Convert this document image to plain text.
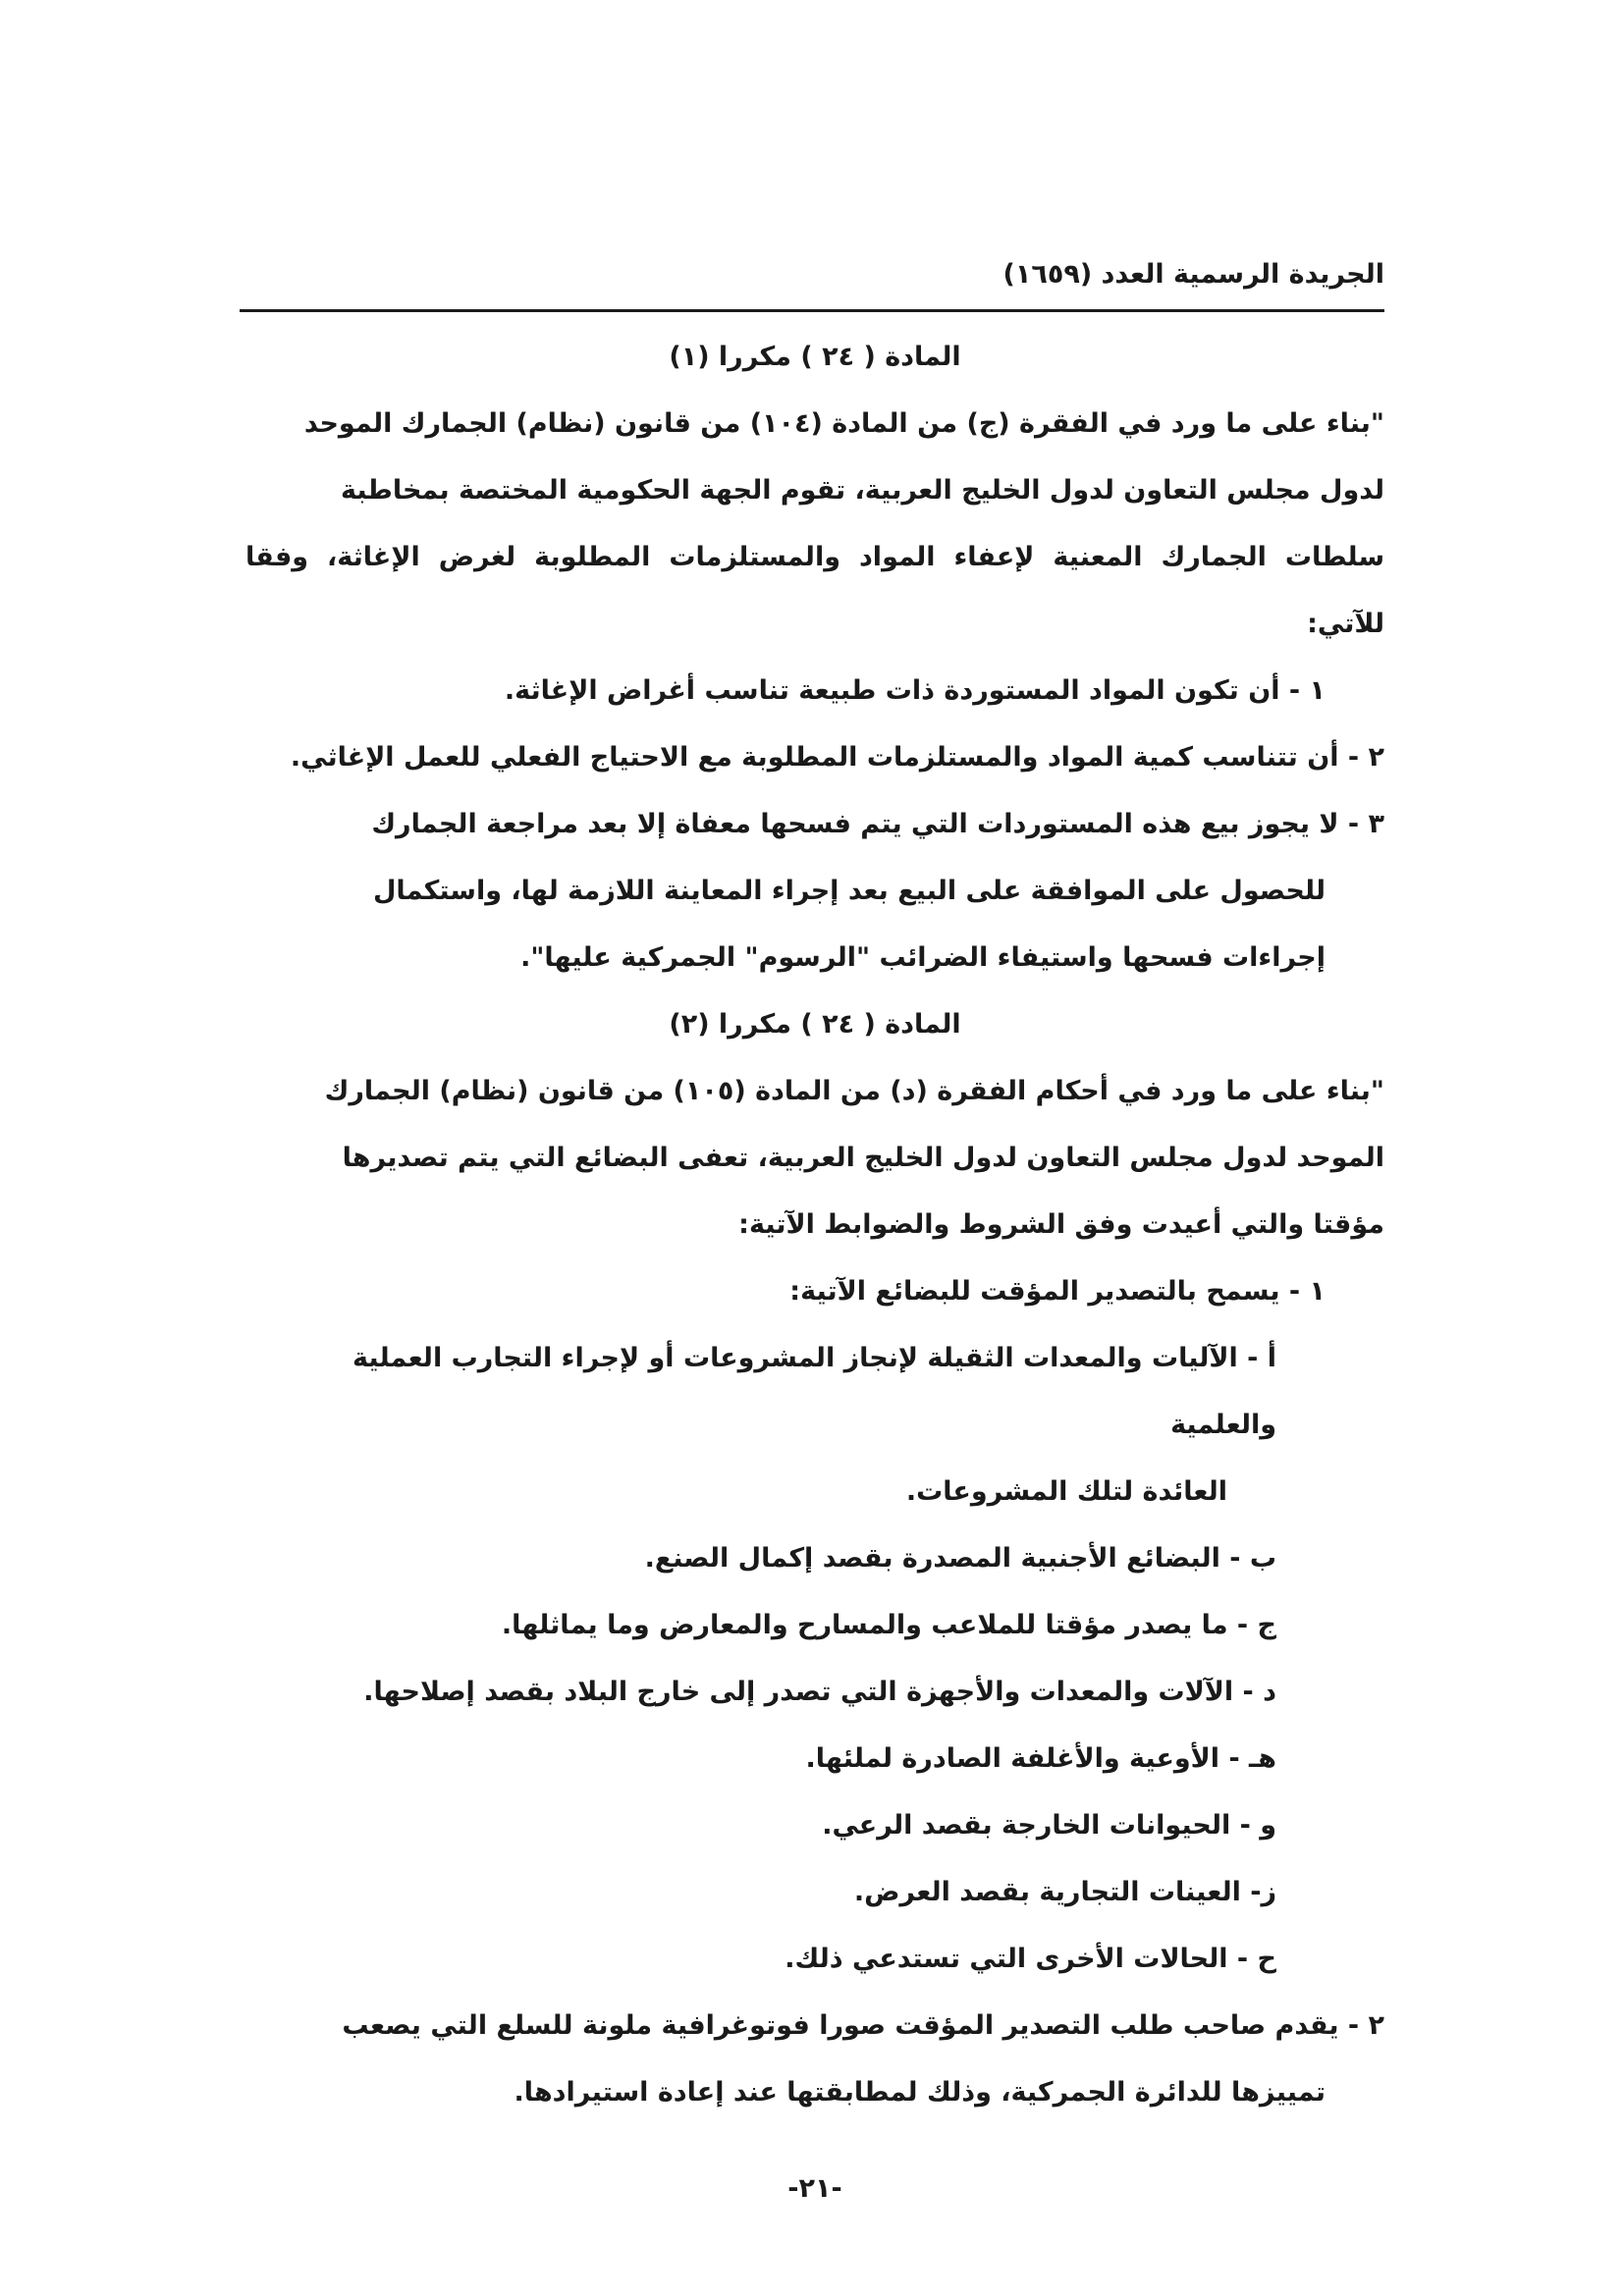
الجريدة الرسمية العدد (١٦٥٩)

المادة ( ٢٤ ) مكررا (١)

"بناء على ما ورد في الفقرة (ج) من المادة (١٠٤) من قانون (نظام) الجمارك الموحد

لدول مجلس التعاون لدول الخليج العربية، تقوم الجهة الحكومية المختصة بمخاطبة

سلطات الجمارك المعنية لإعفاء المواد والمستلزمات المطلوبة لغرض الإغاثة، وفقا للآتي:

١ - أن تكون المواد المستوردة ذات طبيعة تناسب أغراض الإغاثة.

٢ - أن تتناسب كمية المواد والمستلزمات المطلوبة مع الاحتياج الفعلي للعمل الإغاثي.

٣ - لا يجوز بيع هذه المستوردات التي يتم فسحها معفاة إلا بعد مراجعة الجمارك

للحصول على الموافقة على البيع بعد إجراء المعاينة اللازمة لها، واستكمال

إجراءات فسحها واستيفاء الضرائب "الرسوم" الجمركية عليها".

المادة ( ٢٤ ) مكررا (٢)

"بناء على ما ورد في أحكام الفقرة (د) من المادة (١٠٥) من قانون (نظام) الجمارك

الموحد لدول مجلس التعاون لدول الخليج العربية، تعفى البضائع التي يتم تصديرها

مؤقتا والتي أعيدت وفق الشروط والضوابط الآتية:

١ - يسمح بالتصدير المؤقت للبضائع الآتية:

أ - الآليات والمعدات الثقيلة لإنجاز المشروعات أو لإجراء التجارب العملية والعلمية

العائدة لتلك المشروعات.

ب - البضائع الأجنبية المصدرة بقصد إكمال الصنع.

ج - ما يصدر مؤقتا للملاعب والمسارح والمعارض وما يماثلها.

د - الآلات والمعدات والأجهزة التي تصدر إلى خارج البلاد بقصد إصلاحها.

هـ - الأوعية والأغلفة الصادرة لملئها.

و - الحيوانات الخارجة بقصد الرعي.

ز- العينات التجارية بقصد العرض.

ح - الحالات الأخرى التي تستدعي ذلك.

٢ - يقدم صاحب طلب التصدير المؤقت صورا فوتوغرافية ملونة للسلع التي يصعب

تمييزها للدائرة الجمركية، وذلك لمطابقتها عند إعادة استيرادها.

-٢١-
